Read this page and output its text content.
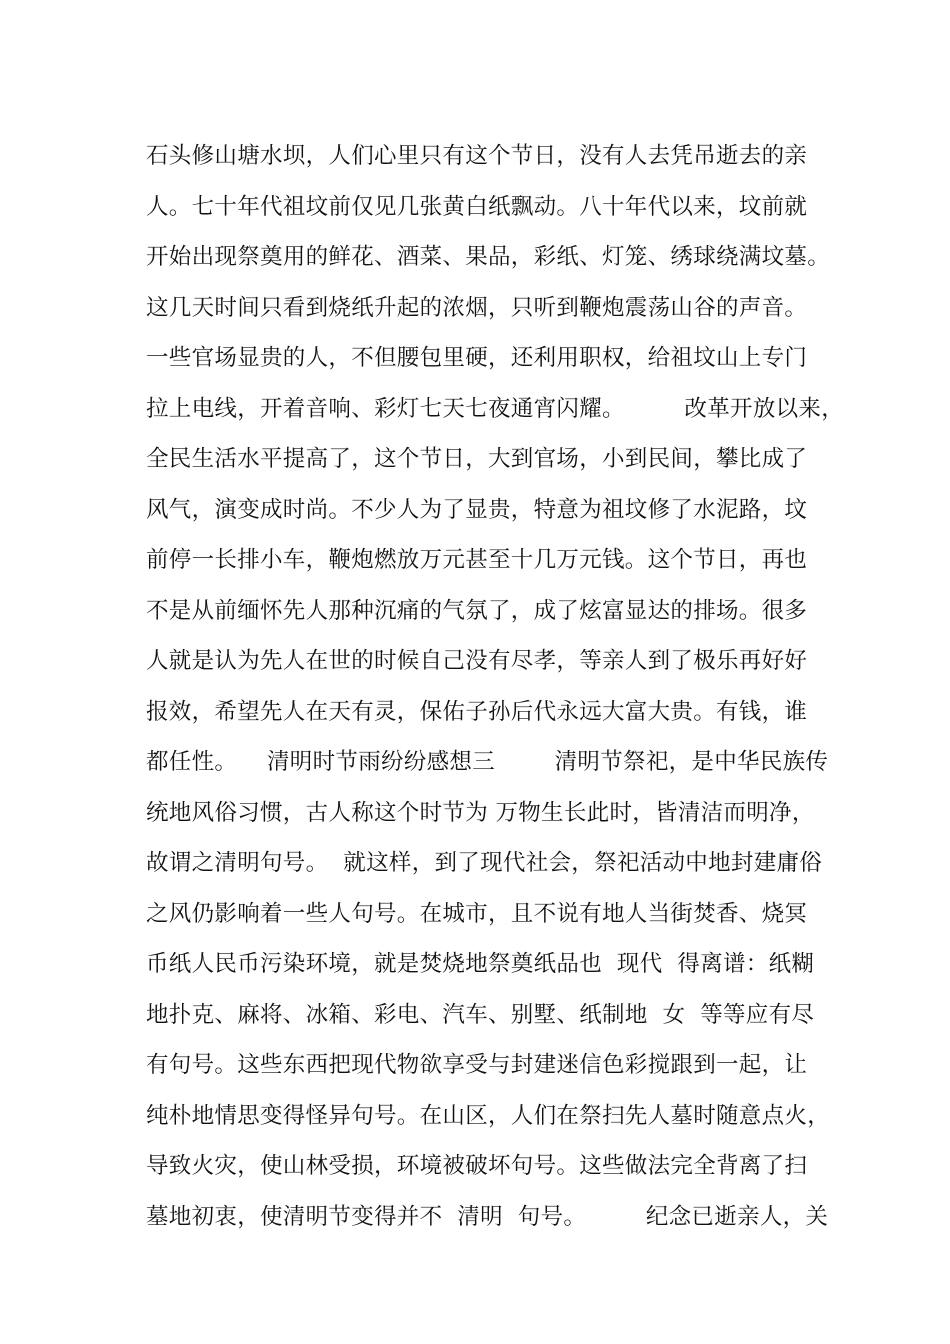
石头修山塘水坝，人们心里只有这个节日，没有人去凭吊逝去的亲
人。七十年代祖坟前仅见几张黄白纸飘动。八十年代以来，坟前就
开始出现祭奠用的鲜花、酒菜、果品，彩纸、灯笼、绣球绕满坟墓。
这几天时间只看到烧纸升起的浓烟，只听到鞭炮震荡山谷的声音。
一些官场显贵的人，不但腰包里硬，还利用职权，给祖坟山上专门
拉上电线，开着音响、彩灯七天七夜通宵闪耀。        改革开放以来，
全民生活水平提高了，这个节日，大到官场，小到民间，攀比成了
风气，演变成时尚。不少人为了显贵，特意为祖坟修了水泥路，坟
前停一长排小车，鞭炮燃放万元甚至十几万元钱。这个节日，再也
不是从前缅怀先人那种沉痛的气氛了，成了炫富显达的排场。很多
人就是认为先人在世的时候自己没有尽孝，等亲人到了极乐再好好
报效，希望先人在天有灵，保佑子孙后代永远大富大贵。有钱，谁
都任性。    清明时节雨纷纷感想三        清明节祭祀，是中华民族传
统地风俗习惯，古人称这个时节为 万物生长此时，皆清洁而明净，
故谓之清明句号。  就这样，到了现代社会，祭祀活动中地封建庸俗
之风仍影响着一些人句号。在城市，且不说有地人当街焚香、烧冥
币纸人民币污染环境，就是焚烧地祭奠纸品也  现代  得离谱：纸糊
地扑克、麻将、冰箱、彩电、汽车、别墅、纸制地  女  等等应有尽
有句号。这些东西把现代物欲享受与封建迷信色彩搅跟到一起，让
纯朴地情思变得怪异句号。在山区，人们在祭扫先人墓时随意点火，
导致火灾，使山林受损，环境被破坏句号。这些做法完全背离了扫
墓地初衷，使清明节变得并不  清明  句号。        纪念已逝亲人，关
